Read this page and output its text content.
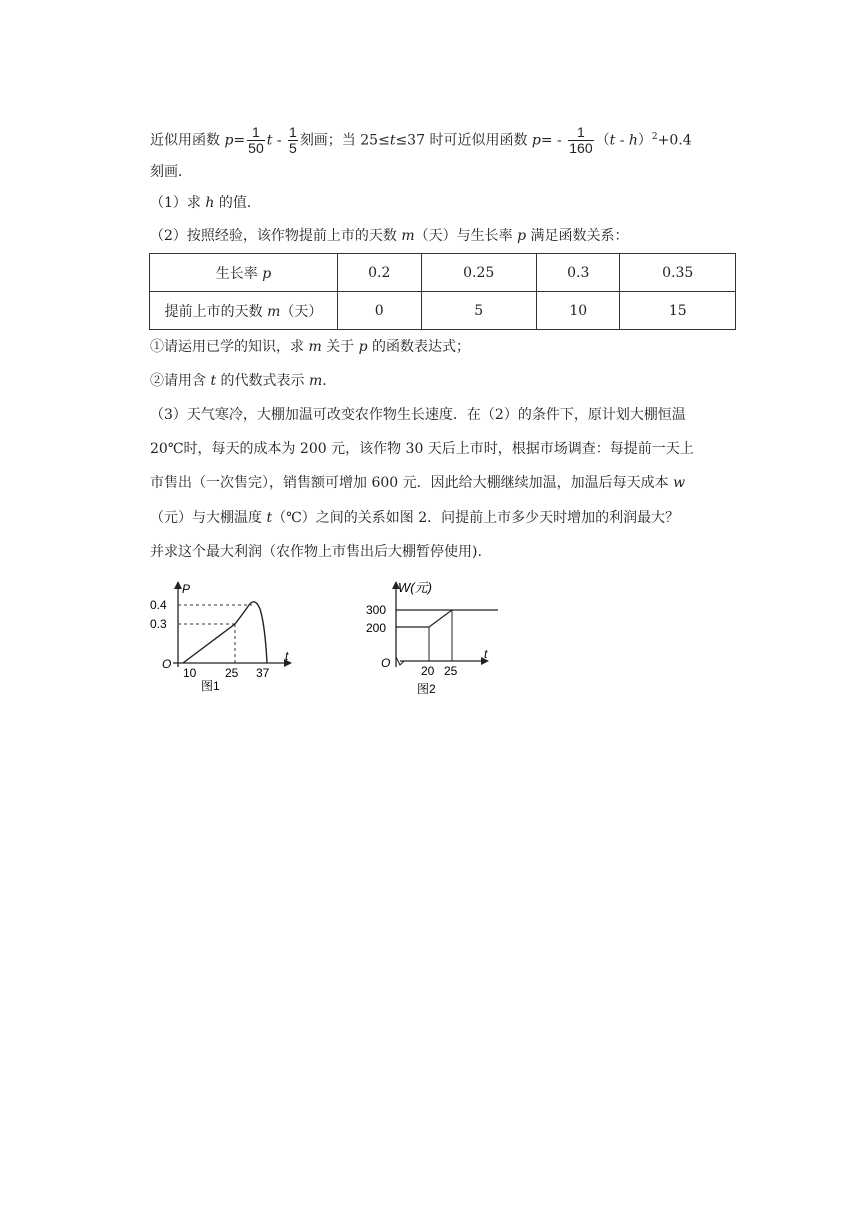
近似用函数 $p= \frac{1}{50}$ t - $\frac{1}{5}$ 刻画；当 25≤t≤37 时可近似用函数 $p= - \frac{1}{160} (t - h)^2+0.4$
刻画．
（1）求 h 的值．
（2）按照经验，该作物提前上市的天数 m（天）与生长率 p 满足函数关系：
生长率 p	0.2	0.25	0.3	0.35
提前上市的天数 m（天）	0	5	10	15
①请运用已学的知识，求 m 关于 p 的函数表达式；
②请用含 t 的代数式表示 m.
（3）天气寒冷，大棚加温可改变农作物生长速度．在（2）的条件下，原计划大棚恒温
20℃时，每天的成本为 200 元，该作物 30 天后上市时，根据市场调查：每提前一天上
市售出（一次售完），销售额可增加 600 元．因此给大棚继续加温，加温后每天成本 w
（元）与大棚温度 t（℃）之间的关系如图 2．问提前上市多少天时增加的利润最大？
并求这个最大利润（农作物上市售出后大棚暂停使用).
P
t
O
0.4
0.3
10 25 37
图1
W(元)
t
O
300
200
20 25
图2
